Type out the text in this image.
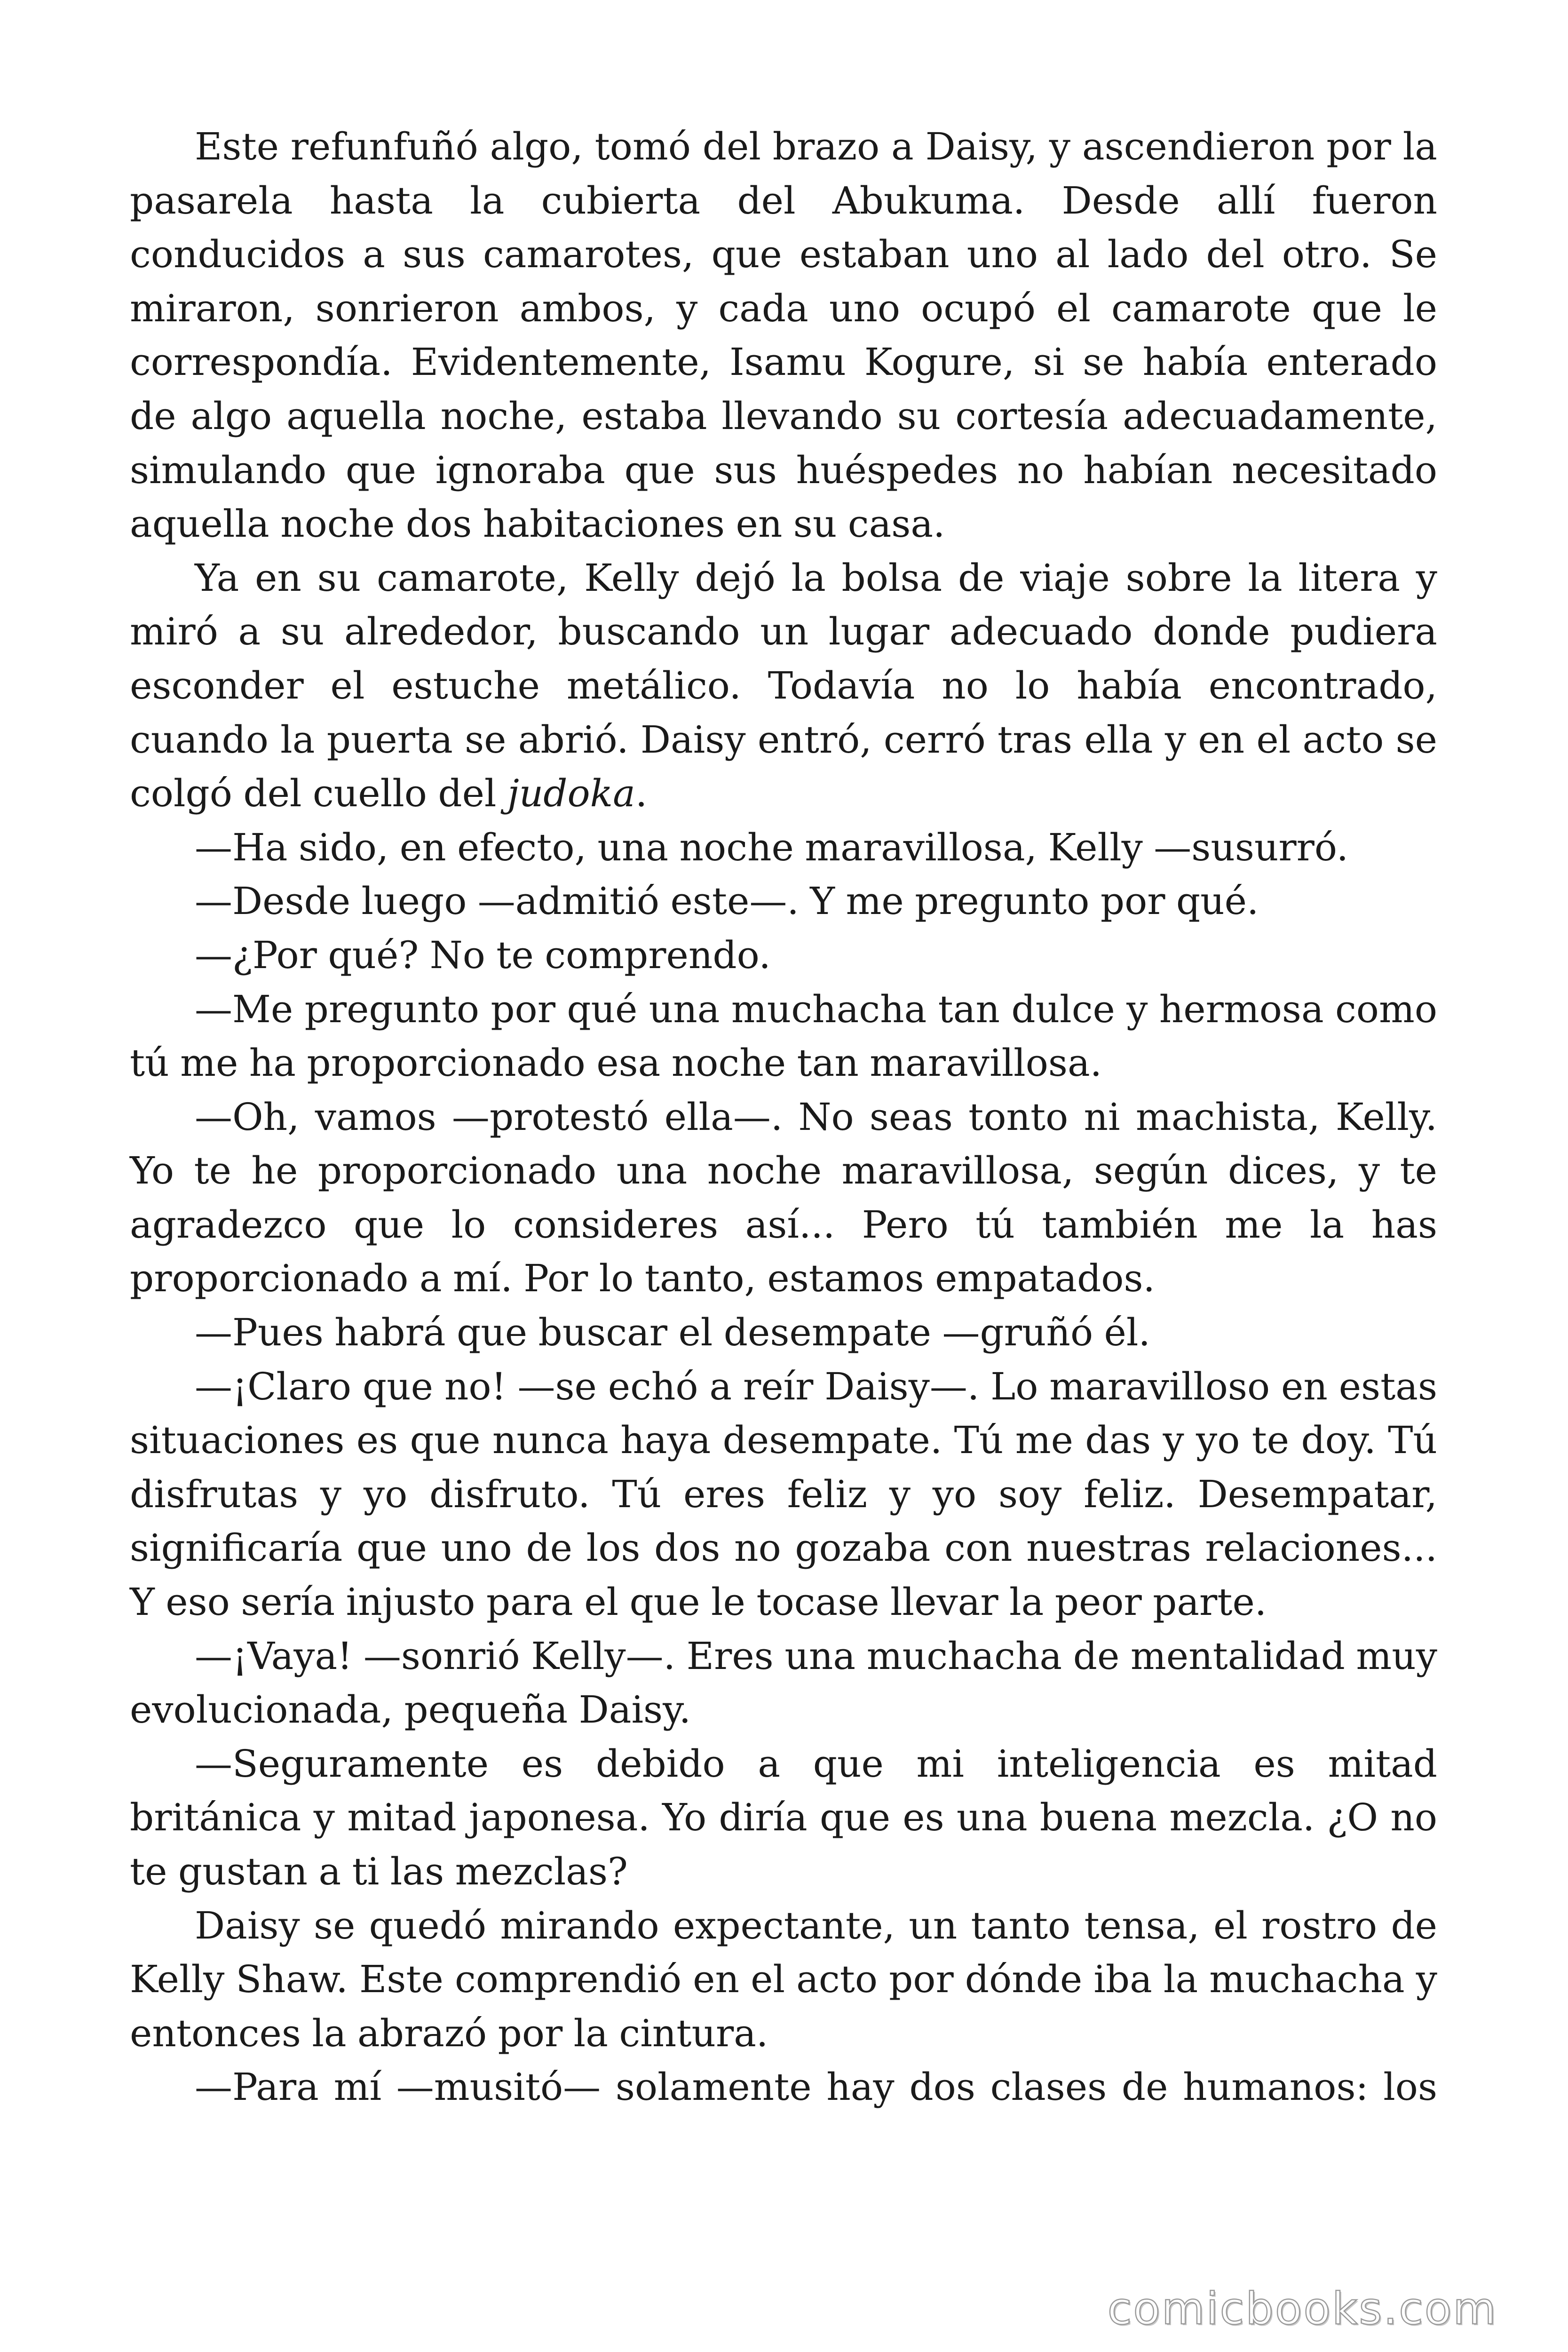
Este refunfuñó algo, tomó del brazo a Daisy, y ascendieron por la pasarela hasta la cubierta del Abukuma. Desde allí fueron conducidos a sus camarotes, que estaban uno al lado del otro. Se miraron, sonrieron ambos, y cada uno ocupó el camarote que le correspondía. Evidentemente, Isamu Kogure, si se había enterado de algo aquella noche, estaba llevando su cortesía adecuadamente, simulando que ignoraba que sus huéspedes no habían necesitado aquella noche dos habitaciones en su casa.

Ya en su camarote, Kelly dejó la bolsa de viaje sobre la litera y miró a su alrededor, buscando un lugar adecuado donde pudiera esconder el estuche metálico. Todavía no lo había encontrado, cuando la puerta se abrió. Daisy entró, cerró tras ella y en el acto se colgó del cuello del judoka.

—Ha sido, en efecto, una noche maravillosa, Kelly —susurró.

—Desde luego —admitió este—. Y me pregunto por qué.

—¿Por qué? No te comprendo.

—Me pregunto por qué una muchacha tan dulce y hermosa como tú me ha proporcionado esa noche tan maravillosa.

—Oh, vamos —protestó ella—. No seas tonto ni machista, Kelly. Yo te he proporcionado una noche maravillosa, según dices, y te agradezco que lo consideres así... Pero tú también me la has proporcionado a mí. Por lo tanto, estamos empatados.

—Pues habrá que buscar el desempate —gruñó él.

—¡Claro que no! —se echó a reír Daisy—. Lo maravilloso en estas situaciones es que nunca haya desempate. Tú me das y yo te doy. Tú disfrutas y yo disfruto. Tú eres feliz y yo soy feliz. Desempatar, significaría que uno de los dos no gozaba con nuestras relaciones... Y eso sería injusto para el que le tocase llevar la peor parte.

—¡Vaya! —sonrió Kelly—. Eres una muchacha de mentalidad muy evolucionada, pequeña Daisy.

—Seguramente es debido a que mi inteligencia es mitad británica y mitad japonesa. Yo diría que es una buena mezcla. ¿O no te gustan a ti las mezclas?

Daisy se quedó mirando expectante, un tanto tensa, el rostro de Kelly Shaw. Este comprendió en el acto por dónde iba la muchacha y entonces la abrazó por la cintura.

—Para mí —musitó— solamente hay dos clases de humanos: los

comicbooks.com
